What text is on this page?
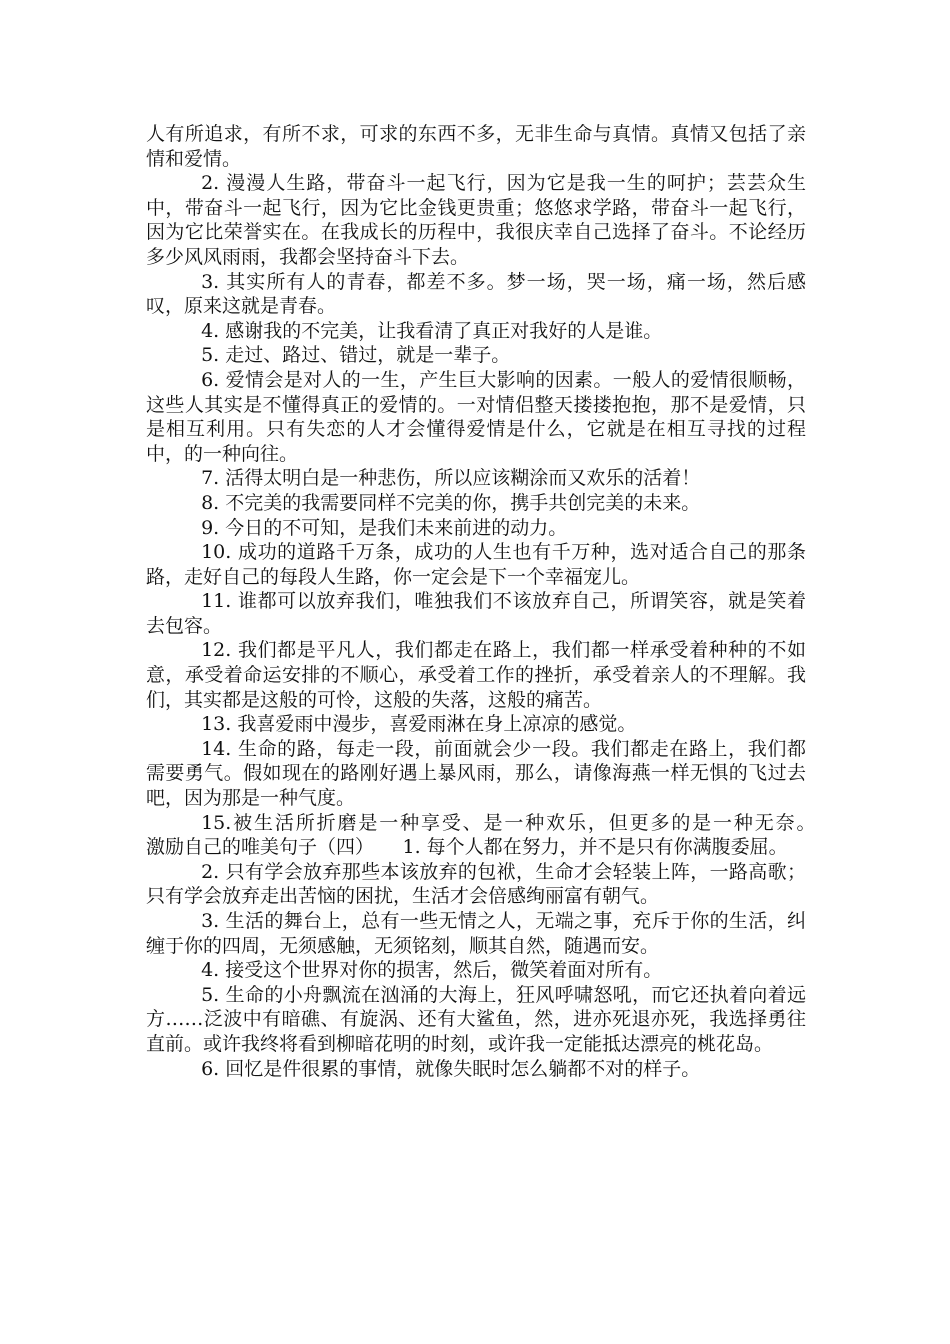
人有所追求，有所不求，可求的东西不多，无非生命与真情。真情又包括了亲情和爱情。

2. 漫漫人生路，带奋斗一起飞行，因为它是我一生的呵护；芸芸众生中，带奋斗一起飞行，因为它比金钱更贵重；悠悠求学路，带奋斗一起飞行，因为它比荣誉实在。在我成长的历程中，我很庆幸自己选择了奋斗。不论经历多少风风雨雨，我都会坚持奋斗下去。

3. 其实所有人的青春，都差不多。梦一场，哭一场，痛一场，然后感叹，原来这就是青春。

4. 感谢我的不完美，让我看清了真正对我好的人是谁。

5. 走过、路过、错过，就是一辈子。

6. 爱情会是对人的一生，产生巨大影响的因素。一般人的爱情很顺畅，这些人其实是不懂得真正的爱情的。一对情侣整天搂搂抱抱，那不是爱情，只是相互利用。只有失恋的人才会懂得爱情是什么，它就是在相互寻找的过程中，的一种向往。

7. 活得太明白是一种悲伤，所以应该糊涂而又欢乐的活着！

8. 不完美的我需要同样不完美的你，携手共创完美的未来。

9. 今日的不可知，是我们未来前进的动力。

10. 成功的道路千万条，成功的人生也有千万种，选对适合自己的那条路，走好自己的每段人生路，你一定会是下一个幸福宠儿。

11. 谁都可以放弃我们，唯独我们不该放弃自己，所谓笑容，就是笑着去包容。

12. 我们都是平凡人，我们都走在路上，我们都一样承受着种种的不如意，承受着命运安排的不顺心，承受着工作的挫折，承受着亲人的不理解。我们，其实都是这般的可怜，这般的失落，这般的痛苦。

13. 我喜爱雨中漫步，喜爱雨淋在身上凉凉的感觉。

14. 生命的路，每走一段，前面就会少一段。我们都走在路上，我们都需要勇气。假如现在的路刚好遇上暴风雨，那么，请像海燕一样无惧的飞过去吧，因为那是一种气度。

15.被生活所折磨是一种享受、是一种欢乐，但更多的是一种无奈。　　激励自己的唯美句子（四）　　1. 每个人都在努力，并不是只有你满腹委屈。

2. 只有学会放弃那些本该放弃的包袱，生命才会轻装上阵，一路高歌；只有学会放弃走出苦恼的困扰，生活才会倍感绚丽富有朝气。

3. 生活的舞台上，总有一些无情之人，无端之事，充斥于你的生活，纠缠于你的四周，无须感触，无须铭刻，顺其自然，随遇而安。

4. 接受这个世界对你的损害，然后，微笑着面对所有。

5. 生命的小舟飘流在汹涌的大海上，狂风呼啸怒吼，而它还执着向着远方……泛波中有暗礁、有旋涡、还有大鲨鱼，然，进亦死退亦死，我选择勇往直前。或许我终将看到柳暗花明的时刻，或许我一定能抵达漂亮的桃花岛。

6. 回忆是件很累的事情，就像失眠时怎么躺都不对的样子。
